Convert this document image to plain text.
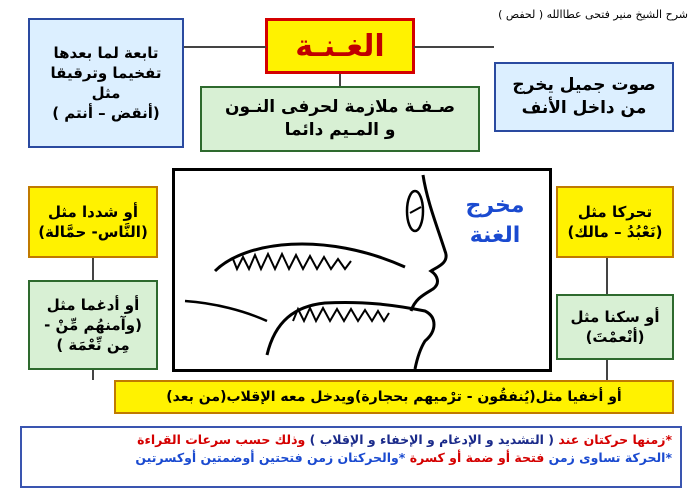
شرح الشيخ منير فتحى عطاالله ( لحفص )
الغـنـة
تابعة لما بعدها
تفخيما وترقيقا
مثل
(أنقض – أنتم )	صـفـة ملازمة لحرفى النـون
و المـيم دائما
صوت جميل يخرج
من داخل الأنف
أو شددا مثل
(النَّاس- حمَّالة)
أو أدغما مثل
(وآمنهُم مِّنْ -
مِن نِّعْمَة )
مخرج
الغنة
تحركا مثل
(نَعْبُدُ – مالك)
أو سكنا مثل
(أنْعمْتَ)
أو أخفيا مثل(يُنفقُون - ترْميهم بحجارة)ويدخل معه الإقلاب(من بعد)
*زمنها حركتان عند ( التشديد و الإدغام و الإخفاء و الإقلاب ) وذلك حسب سرعات القراءة
*الحركة تساوى زمن فتحة أو ضمة أو كسرة *والحركتان زمن فتحتين أوضمتين أوكسرتين
